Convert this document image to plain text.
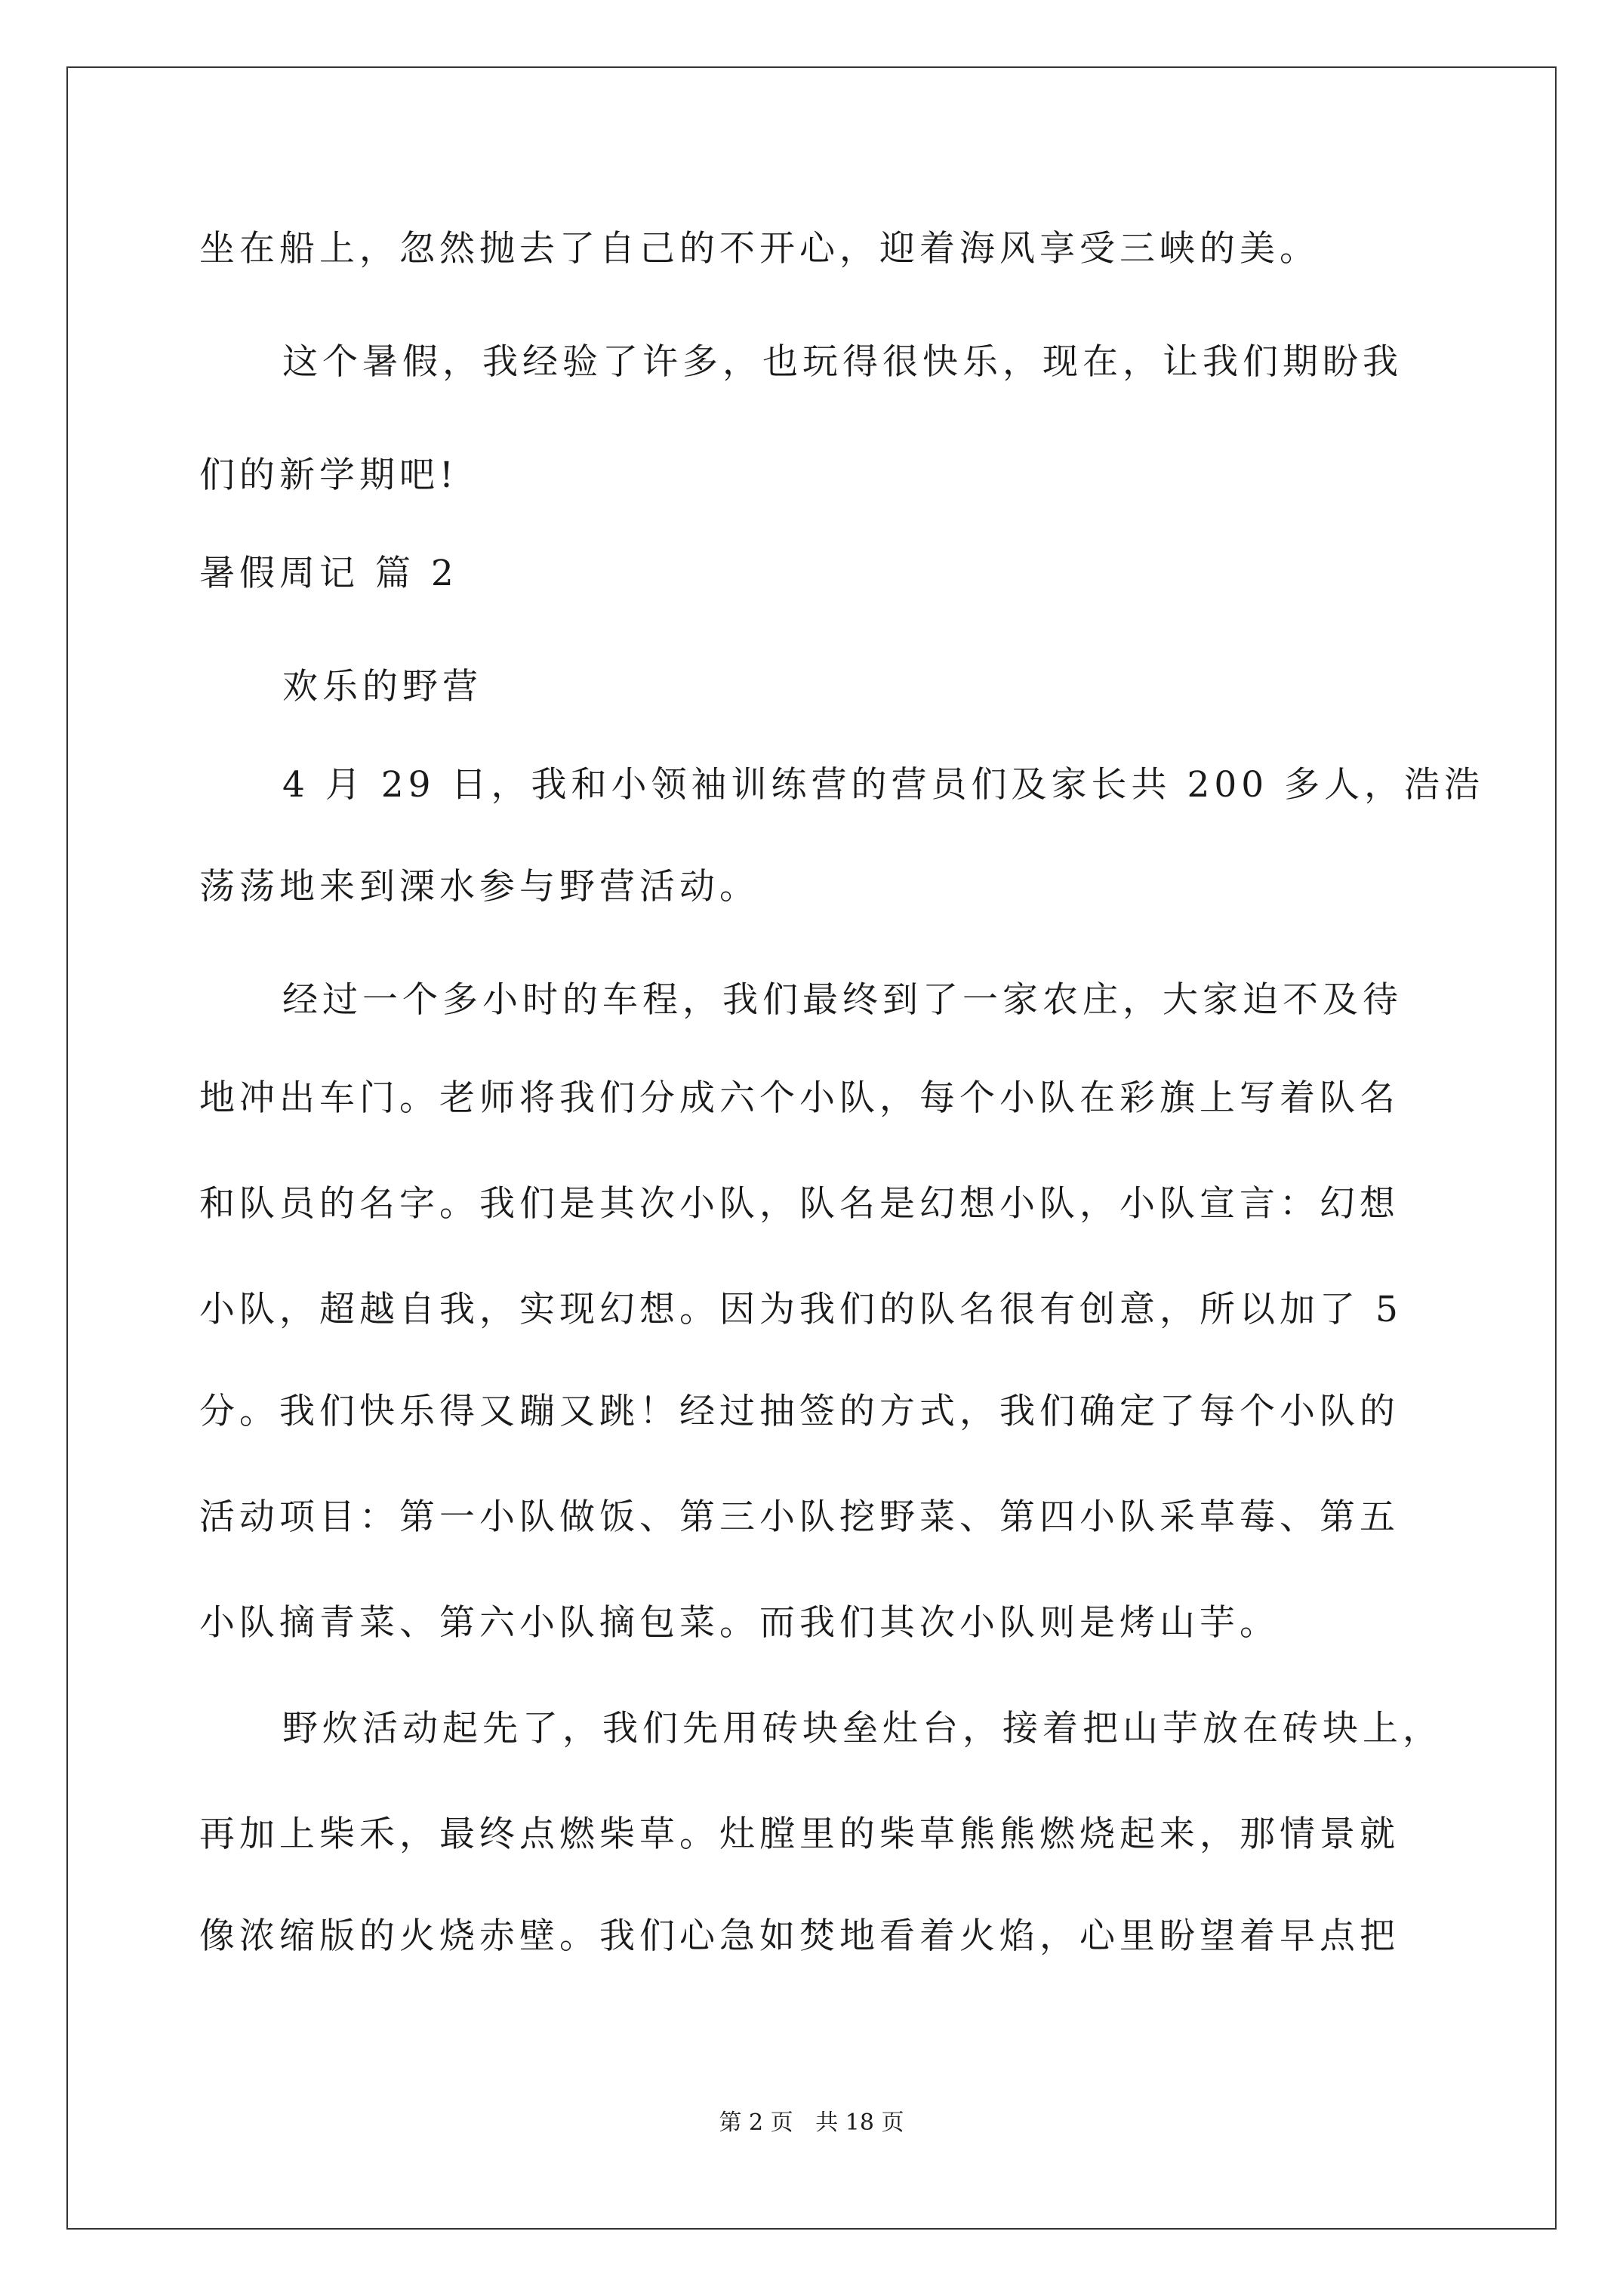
坐在船上，忽然抛去了自己的不开心，迎着海风享受三峡的美。
这个暑假，我经验了许多，也玩得很快乐，现在，让我们期盼我
们的新学期吧!
暑假周记 篇 2
欢乐的野营
4 月 29 日，我和小领袖训练营的营员们及家长共 200 多人，浩浩
荡荡地来到溧水参与野营活动。
经过一个多小时的车程，我们最终到了一家农庄，大家迫不及待
地冲出车门。老师将我们分成六个小队，每个小队在彩旗上写着队名
和队员的名字。我们是其次小队，队名是幻想小队，小队宣言：幻想
小队，超越自我，实现幻想。因为我们的队名很有创意，所以加了 5
分。我们快乐得又蹦又跳！经过抽签的方式，我们确定了每个小队的
活动项目：第一小队做饭、第三小队挖野菜、第四小队采草莓、第五
小队摘青菜、第六小队摘包菜。而我们其次小队则是烤山芋。
野炊活动起先了，我们先用砖块垒灶台，接着把山芋放在砖块上，
再加上柴禾，最终点燃柴草。灶膛里的柴草熊熊燃烧起来，那情景就
像浓缩版的火烧赤壁。我们心急如焚地看着火焰，心里盼望着早点把
第 2 页 共 18 页
